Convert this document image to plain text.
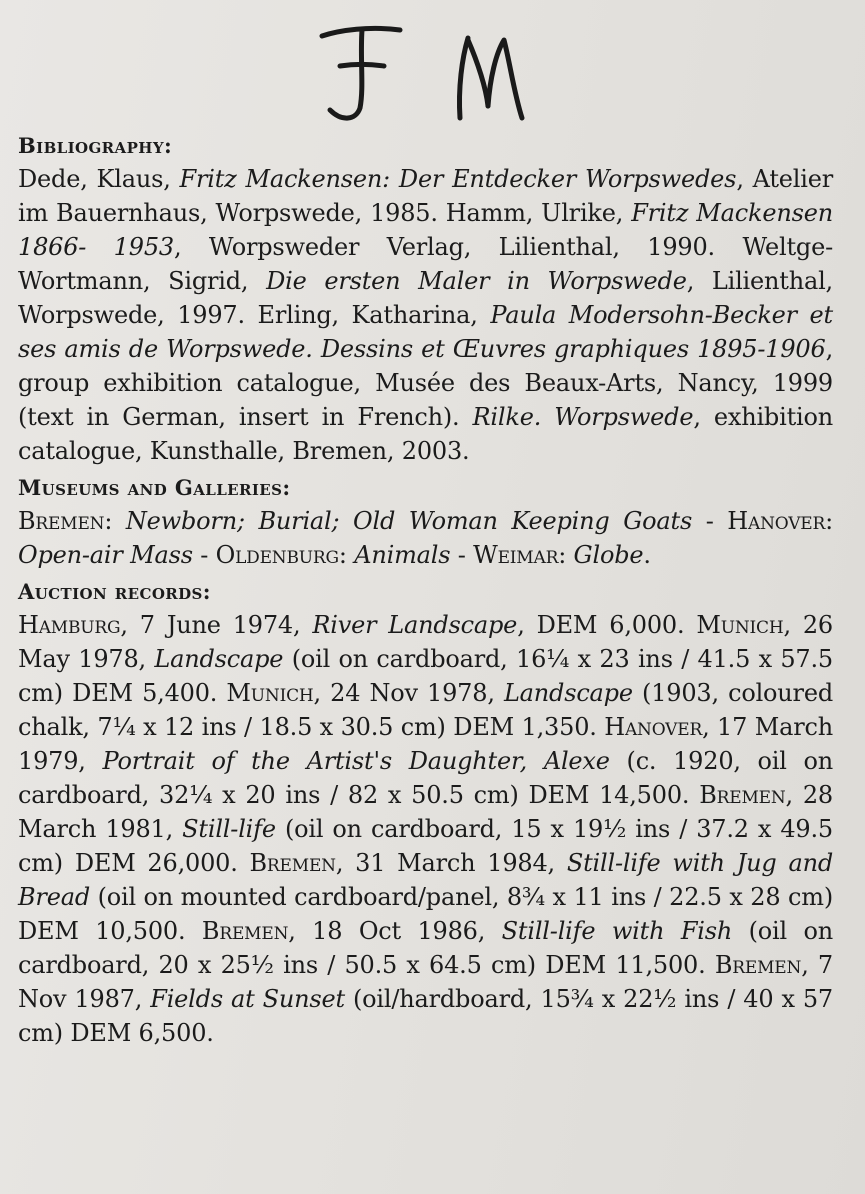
Bibliography:

Dede, Klaus, Fritz Mackensen: Der Entdecker Worpswedes, Atelier im Bauernhaus, Worpswede, 1985. Hamm, Ulrike, Fritz Mackensen 1866- 1953, Worpsweder Verlag, Lilienthal, 1990. Weltge-Wortmann, Sigrid, Die ersten Maler in Worpswede, Lilienthal, Worpswede, 1997. Erling, Katharina, Paula Modersohn-Becker et ses amis de Worpswede. Dessins et Œuvres graphiques 1895-1906, group exhibition catalogue, Musée des Beaux-Arts, Nancy, 1999 (text in German, insert in French). Rilke. Worpswede, exhibition catalogue, Kunsthalle, Bremen, 2003.

Museums and Galleries:

Bremen: Newborn; Burial; Old Woman Keeping Goats - Hanover: Open-air Mass - Oldenburg: Animals - Weimar: Globe.

Auction records:

Hamburg, 7 June 1974, River Landscape, DEM 6,000. Munich, 26 May 1978, Landscape (oil on cardboard, 16¼ x 23 ins / 41.5 x 57.5 cm) DEM 5,400. Munich, 24 Nov 1978, Landscape (1903, coloured chalk, 7¼ x 12 ins / 18.5 x 30.5 cm) DEM 1,350. Hanover, 17 March 1979, Portrait of the Artist's Daughter, Alexe (c. 1920, oil on cardboard, 32¼ x 20 ins / 82 x 50.5 cm) DEM 14,500. Bremen, 28 March 1981, Still-life (oil on cardboard, 15 x 19½ ins / 37.2 x 49.5 cm) DEM 26,000. Bremen, 31 March 1984, Still-life with Jug and Bread (oil on mounted cardboard/panel, 8¾ x 11 ins / 22.5 x 28 cm) DEM 10,500. Bremen, 18 Oct 1986, Still-life with Fish (oil on cardboard, 20 x 25½ ins / 50.5 x 64.5 cm) DEM 11,500. Bremen, 7 Nov 1987, Fields at Sunset (oil/hardboard, 15¾ x 22½ ins / 40 x 57 cm) DEM 6,500.
